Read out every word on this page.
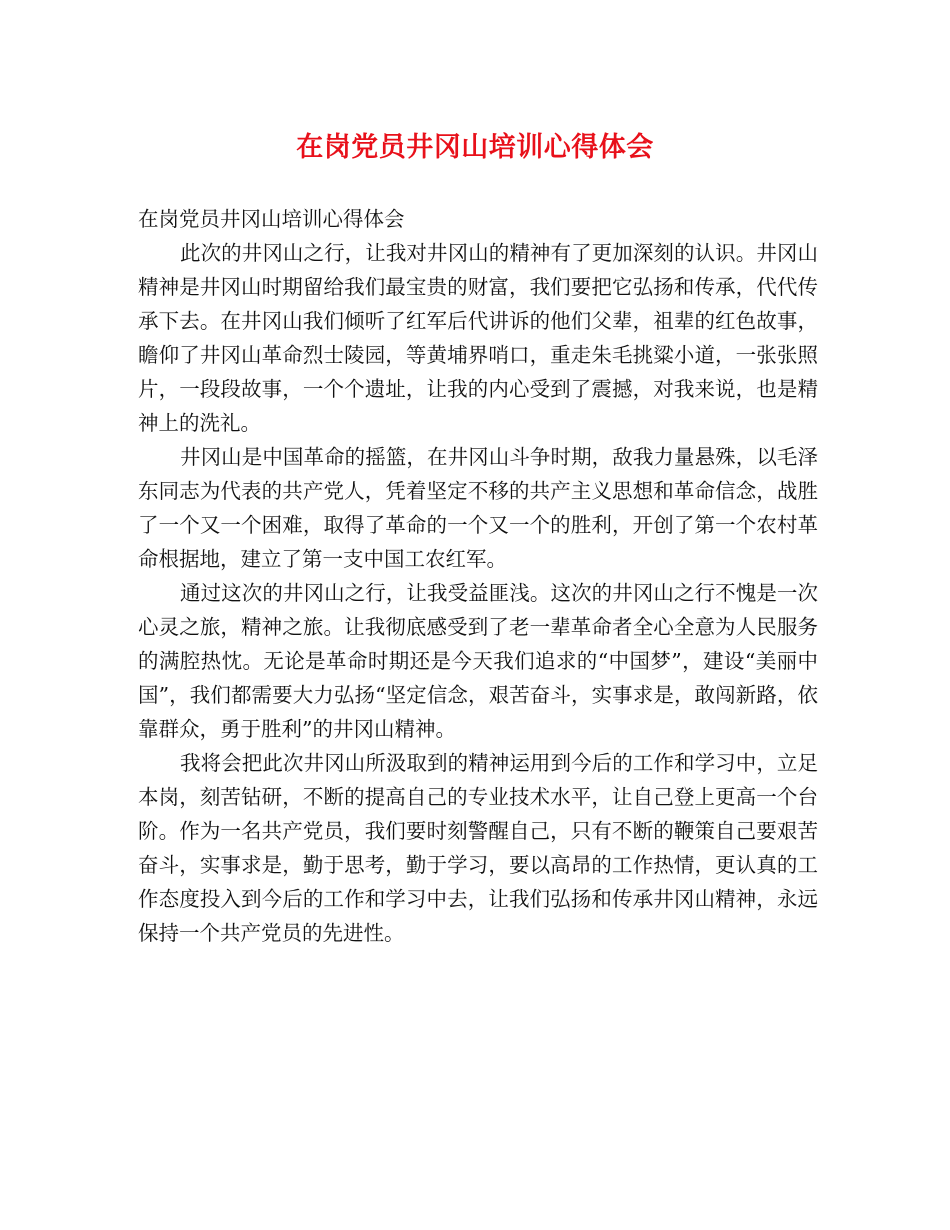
在岗党员井冈山培训心得体会

在岗党员井冈山培训心得体会

此次的井冈山之行，让我对井冈山的精神有了更加深刻的认识。井冈山精神是井冈山时期留给我们最宝贵的财富，我们要把它弘扬和传承，代代传承下去。在井冈山我们倾听了红军后代讲诉的他们父辈，祖辈的红色故事，瞻仰了井冈山革命烈士陵园，等黄埔界哨口，重走朱毛挑粱小道，一张张照片，一段段故事，一个个遗址，让我的内心受到了震撼，对我来说，也是精神上的洗礼。

井冈山是中国革命的摇篮，在井冈山斗争时期，敌我力量悬殊，以毛泽东同志为代表的共产党人，凭着坚定不移的共产主义思想和革命信念，战胜了一个又一个困难，取得了革命的一个又一个的胜利，开创了第一个农村革命根据地，建立了第一支中国工农红军。

通过这次的井冈山之行，让我受益匪浅。这次的井冈山之行不愧是一次心灵之旅，精神之旅。让我彻底感受到了老一辈革命者全心全意为人民服务的满腔热忱。无论是革命时期还是今天我们追求的“中国梦”，建设“美丽中国”，我们都需要大力弘扬“坚定信念，艰苦奋斗，实事求是，敢闯新路，依靠群众，勇于胜利”的井冈山精神。

我将会把此次井冈山所汲取到的精神运用到今后的工作和学习中，立足本岗，刻苦钻研，不断的提高自己的专业技术水平，让自己登上更高一个台阶。作为一名共产党员，我们要时刻警醒自己，只有不断的鞭策自己要艰苦奋斗，实事求是，勤于思考，勤于学习，要以高昂的工作热情，更认真的工作态度投入到今后的工作和学习中去，让我们弘扬和传承井冈山精神，永远保持一个共产党员的先进性。
